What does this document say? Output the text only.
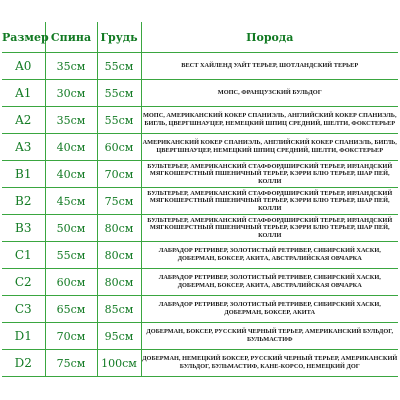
Размер	Спина	Грудь	Порода
A0	35см	55см	ВЕСТ ХАЙЛЕНД УАЙТ ТЕРЬЕР, ШОТЛАНДСКИЙ ТЕРЬЕР
A1	30см	55см	МОПС, ФРАНЦУЗСКИЙ БУЛЬДОГ
A2	35см	55см	МОПС, АМЕРИКАНСКИЙ КОКЕР СПАНИЭЛЬ, АНГЛИЙСКИЙ КОКЕР СПАНИЭЛЬ, БИГЛЬ, ЦВЕРГШНАУЦЕР, НЕМЕЦКИЙ ШПИЦ СРЕДНИЙ, ШЕЛТИ, ФОКСТЕРЬЕР
A3	40см	60см	АМЕРИКАНСКИЙ КОКЕР СПАНИЭЛЬ, АНГЛИЙСКИЙ КОКЕР СПАНИЭЛЬ, БИГЛЬ, ЦВЕРГШНАУЦЕР, НЕМЕЦКИЙ ШПИЦ СРЕДНИЙ, ШЕЛТИ, ФОКСТЕРЬЕР
B1	40см	70см	БУЛЬТЕРЬЕР, АМЕРИКАНСКИЙ СТАФФОРДШИРСКИЙ ТЕРЬЕР, ИРЛАНДСКИЙ МЯГКОШЕРСТНЫЙ ПШЕНИЧНЫЙ ТЕРЬЕР, КЭРРИ БЛЮ ТЕРЬЕР, ШАР ПЕЙ, КОЛЛИ
B2	45см	75см	БУЛЬТЕРЬЕР, АМЕРИКАНСКИЙ СТАФФОРДШИРСКИЙ ТЕРЬЕР, ИРЛАНДСКИЙ МЯГКОШЕРСТНЫЙ ПШЕНИЧНЫЙ ТЕРЬЕР, КЭРРИ БЛЮ ТЕРЬЕР, ШАР ПЕЙ, КОЛЛИ
B3	50см	80см	БУЛЬТЕРЬЕР, АМЕРИКАНСКИЙ СТАФФОРДШИРСКИЙ ТЕРЬЕР, ИРЛАНДСКИЙ МЯГКОШЕРСТНЫЙ ПШЕНИЧНЫЙ ТЕРЬЕР, КЭРРИ БЛЮ ТЕРЬЕР, ШАР ПЕЙ, КОЛЛИ
C1	55см	80см	ЛАБРАДОР РЕТРИВЕР, ЗОЛОТИСТЫЙ РЕТРИВЕР, СИБИРСКИЙ ХАСКИ, ДОБЕРМАН, БОКСЕР, АКИТА, АВСТРАЛИЙСКАЯ ОВЧАРКА
C2	60см	80см	ЛАБРАДОР РЕТРИВЕР, ЗОЛОТИСТЫЙ РЕТРИВЕР, СИБИРСКИЙ ХАСКИ, ДОБЕРМАН, БОКСЕР, АКИТА, АВСТРАЛИЙСКАЯ ОВЧАРКА
C3	65см	85см	ЛАБРАДОР РЕТРИВЕР, ЗОЛОТИСТЫЙ РЕТРИВЕР, СИБИРСКИЙ ХАСКИ, ДОБЕРМАН, БОКСЕР, АКИТА
D1	70см	95см	ДОБЕРМАН, БОКСЕР, РУССКИЙ ЧЕРНЫЙ ТЕРЬЕР, АМЕРИКАНСКИЙ БУЛЬДОГ, БУЛЬМАСТИФ
D2	75см	100см	ДОБЕРМАН, НЕМЕЦКИЙ БОКСЕР, РУССКИЙ ЧЕРНЫЙ ТЕРЬЕР, АМЕРИКАНСКИЙ БУЛЬДОГ, БУЛЬМАСТИФ, КАНЕ-КОРСО, НЕМЕЦКИЙ ДОГ
